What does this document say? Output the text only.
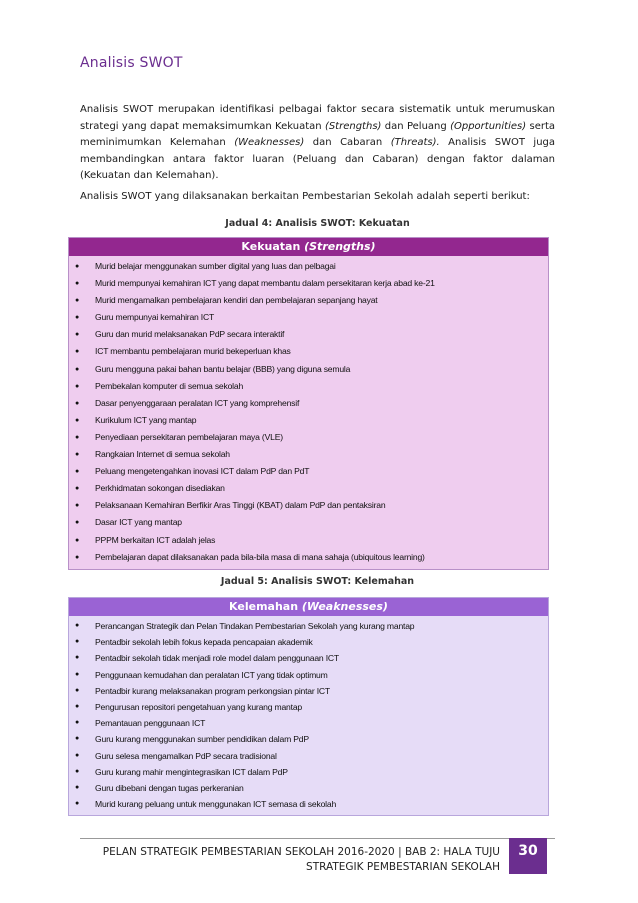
Analisis SWOT
Analisis SWOT merupakan identifikasi pelbagai faktor secara sistematik untuk merumuskan strategi yang dapat memaksimumkan Kekuatan (Strengths) dan Peluang (Opportunities) serta meminimumkan Kelemahan (Weaknesses) dan Cabaran (Threats). Analisis SWOT juga membandingkan antara faktor luaran (Peluang dan Cabaran) dengan faktor dalaman (Kekuatan dan Kelemahan).
Analisis SWOT yang dilaksanakan berkaitan Pembestarian Sekolah adalah seperti berikut:
Jadual 4: Analisis SWOT: Kekuatan
Kekuatan (Strengths)
● Murid belajar menggunakan sumber digital yang luas dan pelbagai
● Murid mempunyai kemahiran ICT yang dapat membantu dalam persekitaran kerja abad ke-21
● Murid mengamalkan pembelajaran kendiri dan pembelajaran sepanjang hayat
● Guru mempunyai kemahiran ICT
● Guru dan murid melaksanakan PdP secara interaktif
● ICT membantu pembelajaran murid bekeperluan khas
● Guru mengguna pakai bahan bantu belajar (BBB) yang diguna semula
● Pembekalan komputer di semua sekolah
● Dasar penyenggaraan peralatan ICT yang komprehensif
● Kurikulum ICT yang mantap
● Penyediaan persekitaran pembelajaran maya (VLE)
● Rangkaian Internet di semua sekolah
● Peluang mengetengahkan inovasi ICT dalam PdP dan PdT
● Perkhidmatan sokongan disediakan
● Pelaksanaan Kemahiran Berfikir Aras Tinggi (KBAT) dalam PdP dan pentaksiran
● Dasar ICT yang mantap
● PPPM berkaitan ICT adalah jelas
● Pembelajaran dapat dilaksanakan pada bila-bila masa di mana sahaja (ubiquitous learning)
Jadual 5: Analisis SWOT: Kelemahan
Kelemahan (Weaknesses)
● Perancangan Strategik dan Pelan Tindakan Pembestarian Sekolah yang kurang mantap
● Pentadbir sekolah lebih fokus kepada pencapaian akademik
● Pentadbir sekolah tidak menjadi role model dalam penggunaan ICT
● Penggunaan kemudahan dan peralatan ICT yang tidak optimum
● Pentadbir kurang melaksanakan program perkongsian pintar ICT
● Pengurusan repositori pengetahuan yang kurang mantap
● Pemantauan penggunaan ICT
● Guru kurang menggunakan sumber pendidikan dalam PdP
● Guru selesa mengamalkan PdP secara tradisional
● Guru kurang mahir mengintegrasikan ICT dalam PdP
● Guru dibebani dengan tugas perkeranian
● Murid kurang peluang untuk menggunakan ICT semasa di sekolah
PELAN STRATEGIK PEMBESTARIAN SEKOLAH 2016-2020 | BAB 2: HALA TUJU
STRATEGIK PEMBESTARIAN SEKOLAH
30
